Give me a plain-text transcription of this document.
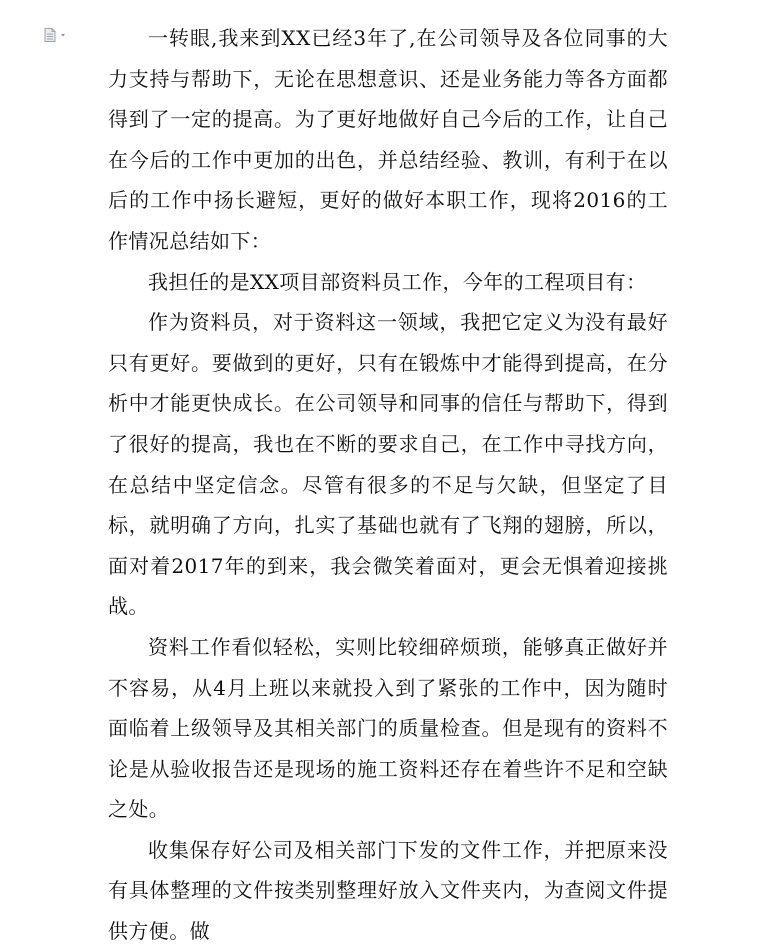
一转眼,我来到XX已经3年了,在公司领导及各位同事的大力支持与帮助下，无论在思想意识、还是业务能力等各方面都得到了一定的提高。为了更好地做好自己今后的工作，让自己在今后的工作中更加的出色，并总结经验、教训，有利于在以后的工作中扬长避短，更好的做好本职工作，现将2016的工作情况总结如下：

我担任的是XX项目部资料员工作，今年的工程项目有：

作为资料员，对于资料这一领域，我把它定义为没有最好只有更好。要做到的更好，只有在锻炼中才能得到提高，在分析中才能更快成长。在公司领导和同事的信任与帮助下，得到了很好的提高，我也在不断的要求自己，在工作中寻找方向，在总结中坚定信念。尽管有很多的不足与欠缺，但坚定了目标，就明确了方向，扎实了基础也就有了飞翔的翅膀，所以，面对着2017年的到来，我会微笑着面对，更会无惧着迎接挑战。

资料工作看似轻松，实则比较细碎烦琐，能够真正做好并不容易，从4月上班以来就投入到了紧张的工作中，因为随时面临着上级领导及其相关部门的质量检查。但是现有的资料不论是从验收报告还是现场的施工资料还存在着些许不足和空缺之处。

收集保存好公司及相关部门下发的文件工作，并把原来没有具体整理的文件按类别整理好放入文件夹内，为查阅文件提供方便。做
